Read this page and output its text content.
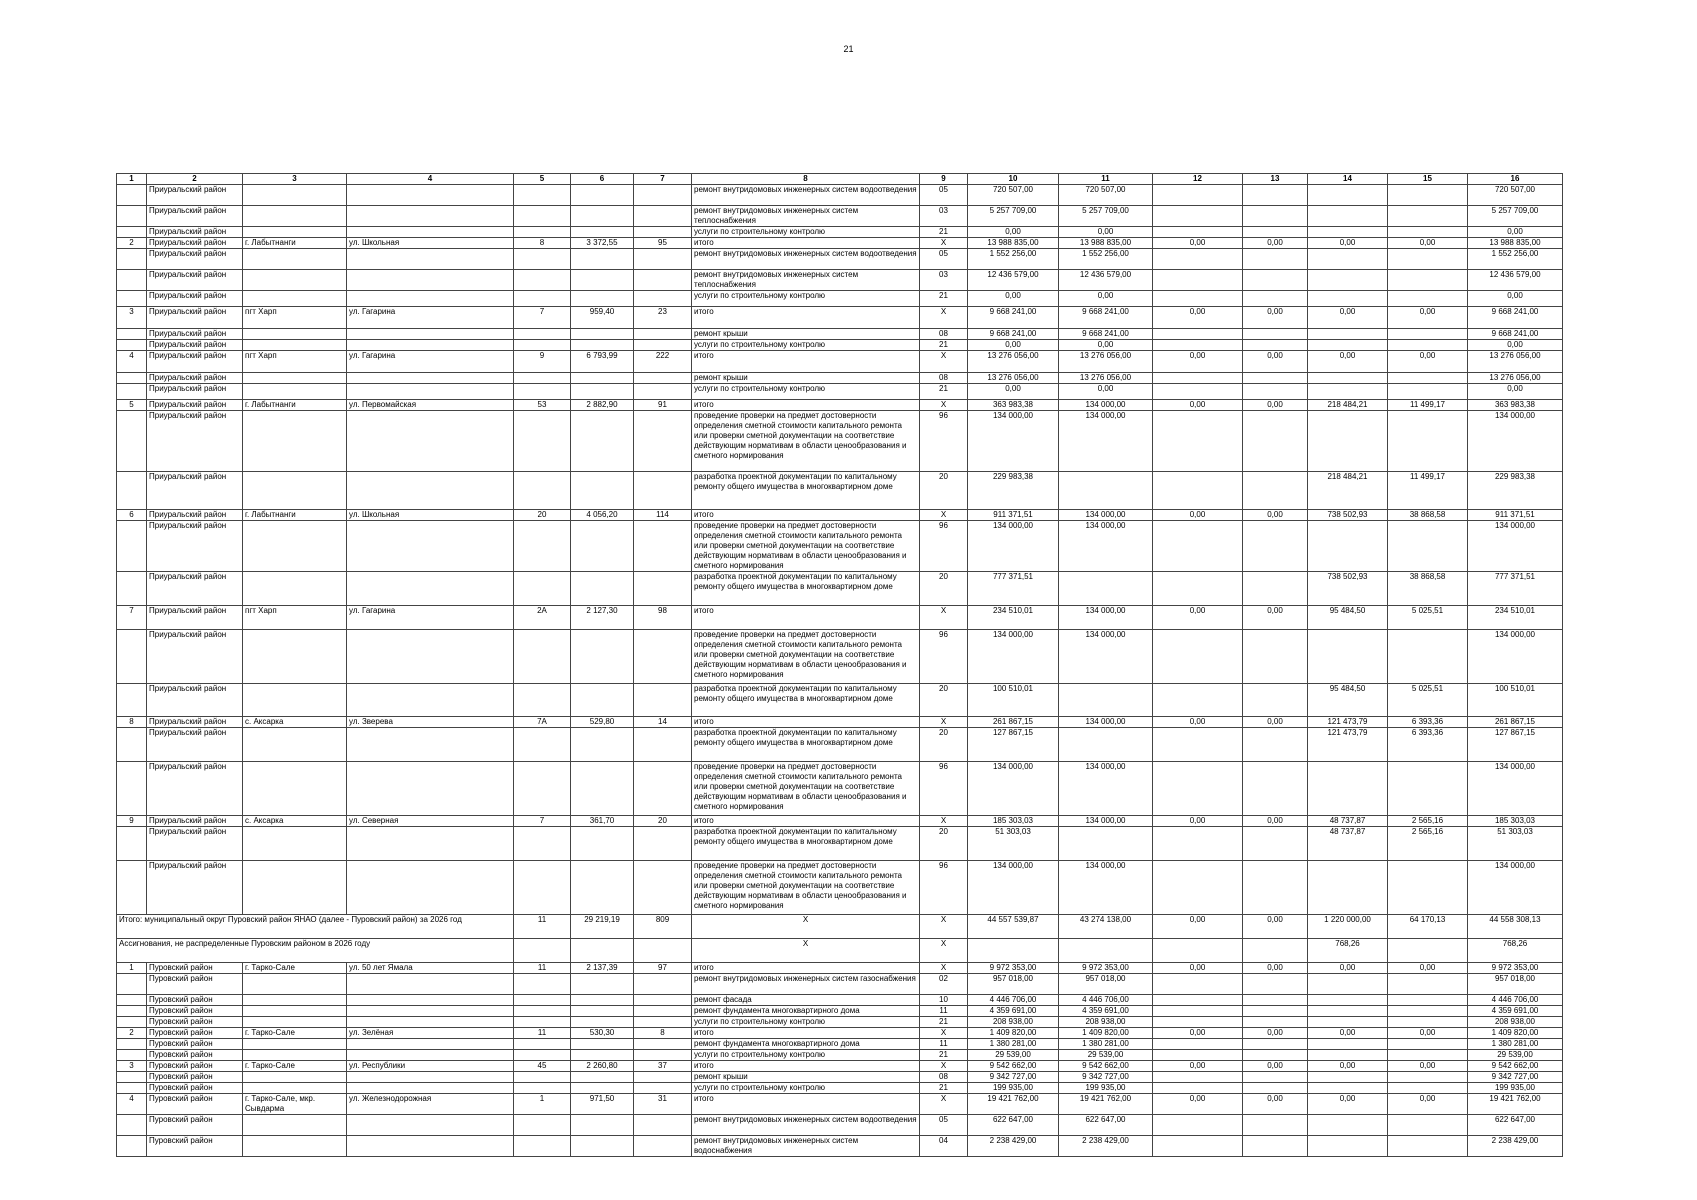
21
1	2	3	4	5	6	7	8	9	10	11	12	13	14	15	16
	Приуральский район						ремонт внутридомовых инженерных систем водоотведения	05	720 507,00	720 507,00					720 507,00
	Приуральский район						ремонт внутридомовых инженерных систем теплоснабжения	03	5 257 709,00	5 257 709,00					5 257 709,00
	Приуральский район						услуги по строительному контролю	21	0,00	0,00					0,00
2	Приуральский район	г. Лабытнанги	ул. Школьная	8	3 372,55	95	итого	X	13 988 835,00	13 988 835,00	0,00	0,00	0,00	0,00	13 988 835,00
	Приуральский район						ремонт внутридомовых инженерных систем водоотведения	05	1 552 256,00	1 552 256,00					1 552 256,00
	Приуральский район						ремонт внутридомовых инженерных систем теплоснабжения	03	12 436 579,00	12 436 579,00					12 436 579,00
	Приуральский район						услуги по строительному контролю	21	0,00	0,00					0,00
3	Приуральский район	пгт Харп	ул. Гагарина	7	959,40	23	итого	X	9 668 241,00	9 668 241,00	0,00	0,00	0,00	0,00	9 668 241,00
	Приуральский район						ремонт крыши	08	9 668 241,00	9 668 241,00					9 668 241,00
	Приуральский район						услуги по строительному контролю	21	0,00	0,00					0,00
4	Приуральский район	пгт Харп	ул. Гагарина	9	6 793,99	222	итого	X	13 276 056,00	13 276 056,00	0,00	0,00	0,00	0,00	13 276 056,00
	Приуральский район						ремонт крыши	08	13 276 056,00	13 276 056,00					13 276 056,00
	Приуральский район						услуги по строительному контролю	21	0,00	0,00					0,00
5	Приуральский район	г. Лабытнанги	ул. Первомайская	53	2 882,90	91	итого	X	363 983,38	134 000,00	0,00	0,00	218 484,21	11 499,17	363 983,38
	Приуральский район						проведение проверки на предмет достоверности определения сметной стоимости капитального ремонта или проверки сметной документации на соответствие действующим нормативам в области ценообразования и сметного нормирования	96	134 000,00	134 000,00					134 000,00
	Приуральский район						разработка проектной документации по капитальному ремонту общего имущества в многоквартирном доме	20	229 983,38				218 484,21	11 499,17	229 983,38
6	Приуральский район	г. Лабытнанги	ул. Школьная	20	4 056,20	114	итого	X	911 371,51	134 000,00	0,00	0,00	738 502,93	38 868,58	911 371,51
	Приуральский район						проведение проверки на предмет достоверности определения сметной стоимости капитального ремонта или проверки сметной документации на соответствие действующим нормативам в области ценообразования и сметного нормирования	96	134 000,00	134 000,00					134 000,00
	Приуральский район						разработка проектной документации по капитальному ремонту общего имущества в многоквартирном доме	20	777 371,51				738 502,93	38 868,58	777 371,51
7	Приуральский район	пгт Харп	ул. Гагарина	2А	2 127,30	98	итого	X	234 510,01	134 000,00	0,00	0,00	95 484,50	5 025,51	234 510,01
	Приуральский район						проведение проверки на предмет достоверности определения сметной стоимости капитального ремонта или проверки сметной документации на соответствие действующим нормативам в области ценообразования и сметного нормирования	96	134 000,00	134 000,00					134 000,00
	Приуральский район						разработка проектной документации по капитальному ремонту общего имущества в многоквартирном доме	20	100 510,01				95 484,50	5 025,51	100 510,01
8	Приуральский район	с. Аксарка	ул. Зверева	7А	529,80	14	итого	X	261 867,15	134 000,00	0,00	0,00	121 473,79	6 393,36	261 867,15
	Приуральский район						разработка проектной документации по капитальному ремонту общего имущества в многоквартирном доме	20	127 867,15				121 473,79	6 393,36	127 867,15
	Приуральский район						проведение проверки на предмет достоверности определения сметной стоимости капитального ремонта или проверки сметной документации на соответствие действующим нормативам в области ценообразования и сметного нормирования	96	134 000,00	134 000,00					134 000,00
9	Приуральский район	с. Аксарка	ул. Северная	7	361,70	20	итого	X	185 303,03	134 000,00	0,00	0,00	48 737,87	2 565,16	185 303,03
	Приуральский район						разработка проектной документации по капитальному ремонту общего имущества в многоквартирном доме	20	51 303,03				48 737,87	2 565,16	51 303,03
	Приуральский район						проведение проверки на предмет достоверности определения сметной стоимости капитального ремонта или проверки сметной документации на соответствие действующим нормативам в области ценообразования и сметного нормирования	96	134 000,00	134 000,00					134 000,00
Итого: муниципальный округ Пуровский район ЯНАО (далее - Пуровский район) за 2026 год				11	29 219,19	809	X	X	44 557 539,87	43 274 138,00	0,00	0,00	1 220 000,00	64 170,13	44 558 308,13
Ассигнования, не распределенные Пуровским районом в 2026 году							X	X					768,26		768,26
1	Пуровский район	г. Тарко-Сале	ул. 50 лет Ямала	11	2 137,39	97	итого	X	9 972 353,00	9 972 353,00	0,00	0,00	0,00	0,00	9 972 353,00
	Пуровский район						ремонт внутридомовых инженерных систем газоснабжения	02	957 018,00	957 018,00					957 018,00
	Пуровский район						ремонт фасада	10	4 446 706,00	4 446 706,00					4 446 706,00
	Пуровский район						ремонт фундамента многоквартирного дома	11	4 359 691,00	4 359 691,00					4 359 691,00
	Пуровский район						услуги по строительному контролю	21	208 938,00	208 938,00					208 938,00
2	Пуровский район	г. Тарко-Сале	ул. Зелёная	11	530,30	8	итого	X	1 409 820,00	1 409 820,00	0,00	0,00	0,00	0,00	1 409 820,00
	Пуровский район						ремонт фундамента многоквартирного дома	11	1 380 281,00	1 380 281,00					1 380 281,00
	Пуровский район						услуги по строительному контролю	21	29 539,00	29 539,00					29 539,00
3	Пуровский район	г. Тарко-Сале	ул. Республики	45	2 260,80	37	итого	X	9 542 662,00	9 542 662,00	0,00	0,00	0,00	0,00	9 542 662,00
	Пуровский район						ремонт крыши	08	9 342 727,00	9 342 727,00					9 342 727,00
	Пуровский район						услуги по строительному контролю	21	199 935,00	199 935,00					199 935,00
4	Пуровский район	г. Тарко-Сале, мкр. Сывдарма	ул. Железнодорожная	1	971,50	31	итого	X	19 421 762,00	19 421 762,00	0,00	0,00	0,00	0,00	19 421 762,00
	Пуровский район						ремонт внутридомовых инженерных систем водоотведения	05	622 647,00	622 647,00					622 647,00
	Пуровский район						ремонт внутридомовых инженерных систем водоснабжения	04	2 238 429,00	2 238 429,00					2 238 429,00
